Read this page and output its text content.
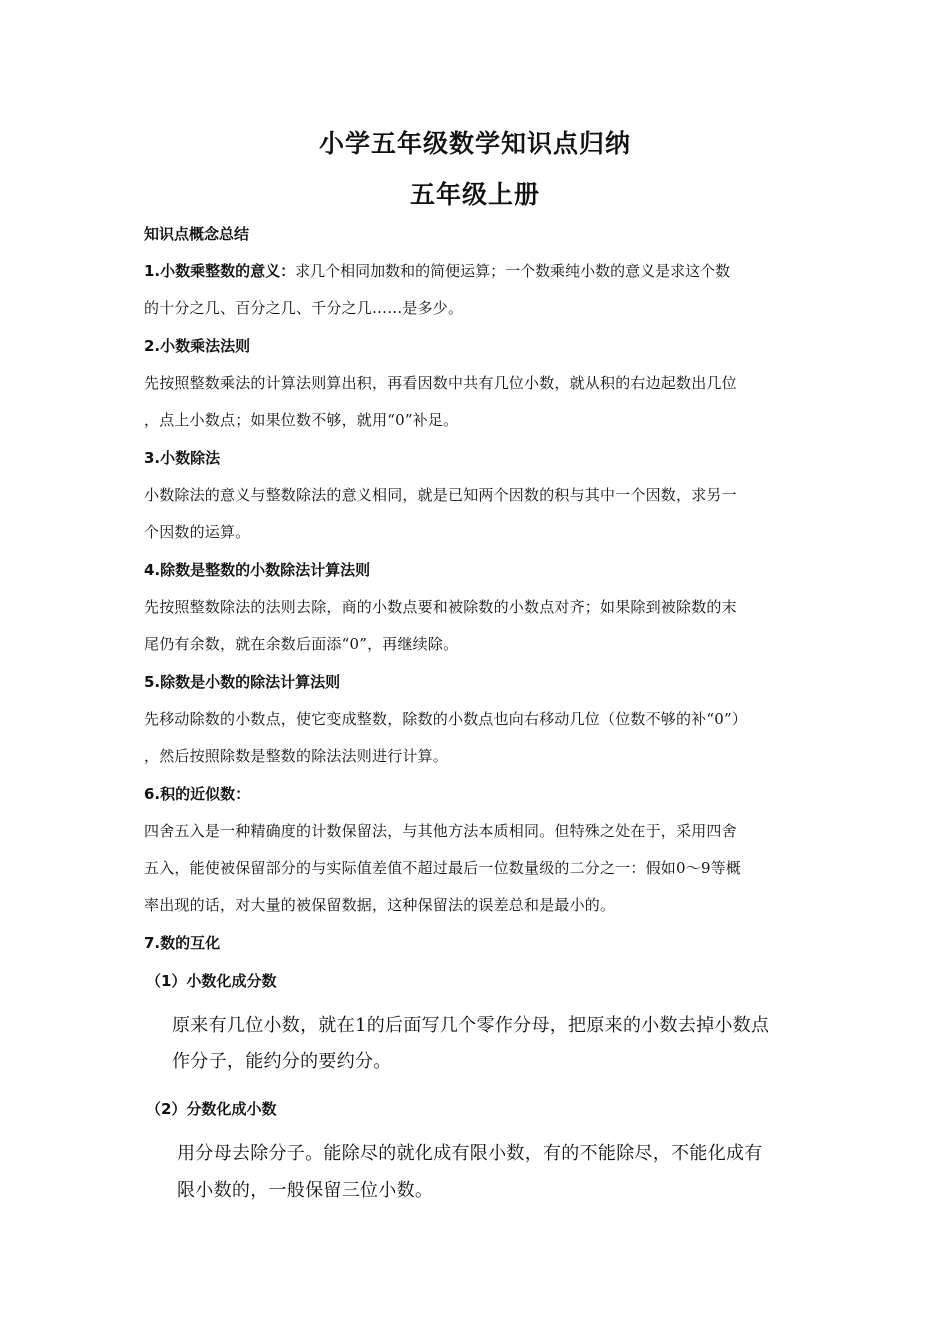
小学五年级数学知识点归纳
五年级上册
知识点概念总结
1.小数乘整数的意义：求几个相同加数和的简便运算；一个数乘纯小数的意义是求这个数
的十分之几、百分之几、千分之几……是多少。
2.小数乘法法则
先按照整数乘法的计算法则算出积，再看因数中共有几位小数，就从积的右边起数出几位
，点上小数点；如果位数不够，就用“0”补足。
3.小数除法
小数除法的意义与整数除法的意义相同，就是已知两个因数的积与其中一个因数，求另一
个因数的运算。
4.除数是整数的小数除法计算法则
先按照整数除法的法则去除，商的小数点要和被除数的小数点对齐；如果除到被除数的末
尾仍有余数，就在余数后面添“0”，再继续除。
5.除数是小数的除法计算法则
先移动除数的小数点，使它变成整数，除数的小数点也向右移动几位（位数不够的补“0”）
，然后按照除数是整数的除法法则进行计算。
6.积的近似数：
四舍五入是一种精确度的计数保留法，与其他方法本质相同。但特殊之处在于，采用四舍
五入，能使被保留部分的与实际值差值不超过最后一位数量级的二分之一：假如0～9等概
率出现的话，对大量的被保留数据，这种保留法的误差总和是最小的。
7.数的互化
（1）小数化成分数
原来有几位小数，就在1的后面写几个零作分母，把原来的小数去掉小数点
作分子，能约分的要约分。
（2）分数化成小数
用分母去除分子。能除尽的就化成有限小数，有的不能除尽，不能化成有
限小数的，一般保留三位小数。
